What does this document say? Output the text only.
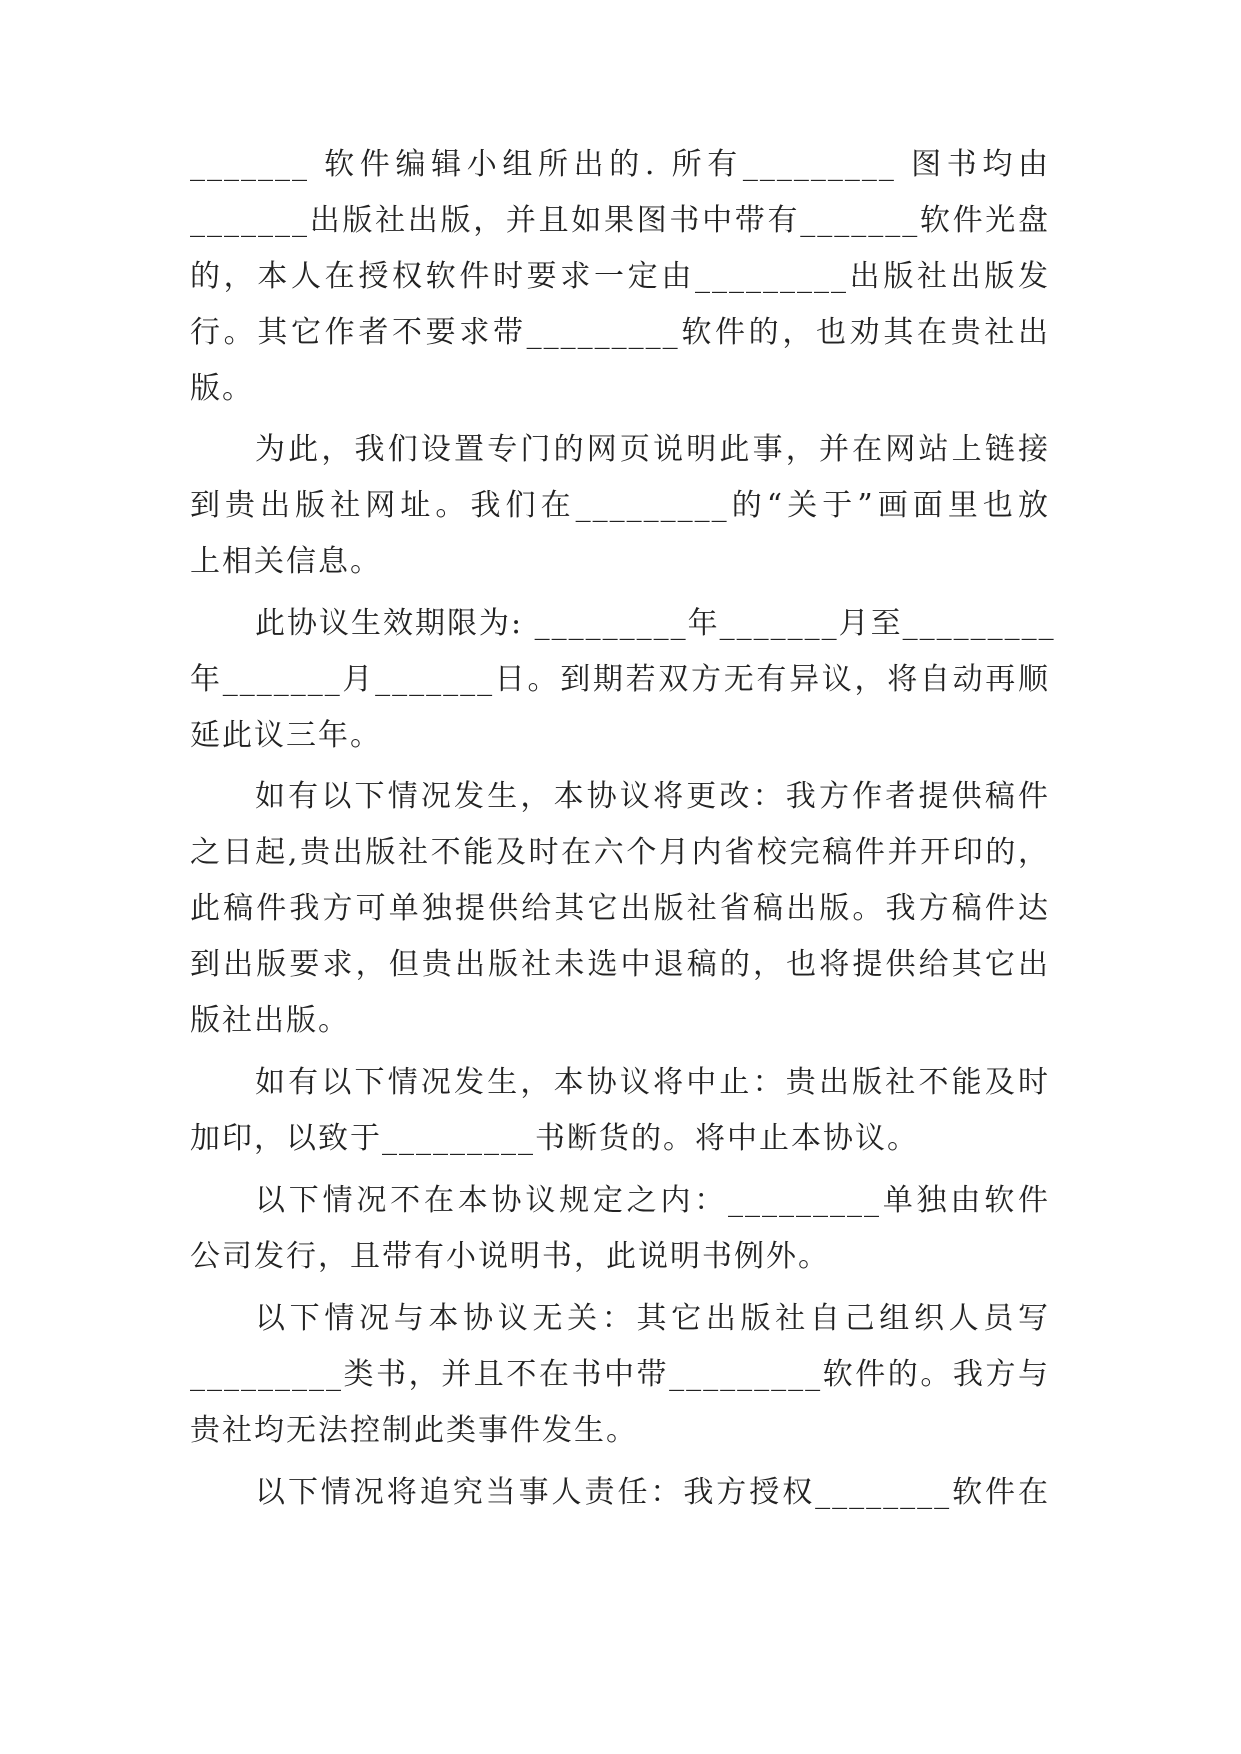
_______ 软件编辑小组所出的. 所有_________ 图书均由
_______出版社出版，并且如果图书中带有_______软件光盘
的，本人在授权软件时要求一定由_________出版社出版发
行。其它作者不要求带_________软件的，也劝其在贵社出
版。
为此，我们设置专门的网页说明此事，并在网站上链接
到贵出版社网址。我们在_________的“关于”画面里也放
上相关信息。
此协议生效期限为: _________年_______月至_________
年_______月_______日。到期若双方无有异议，将自动再顺
延此议三年。
如有以下情况发生，本协议将更改：我方作者提供稿件
之日起,贵出版社不能及时在六个月内省校完稿件并开印的，
此稿件我方可单独提供给其它出版社省稿出版。我方稿件达
到出版要求，但贵出版社未选中退稿的，也将提供给其它出
版社出版。
如有以下情况发生，本协议将中止：贵出版社不能及时
加印，以致于_________书断货的。将中止本协议。
以下情况不在本协议规定之内：_________单独由软件
公司发行，且带有小说明书，此说明书例外。
以下情况与本协议无关：其它出版社自己组织人员写
_________类书，并且不在书中带_________软件的。我方与
贵社均无法控制此类事件发生。
以下情况将追究当事人责任：我方授权________软件在
